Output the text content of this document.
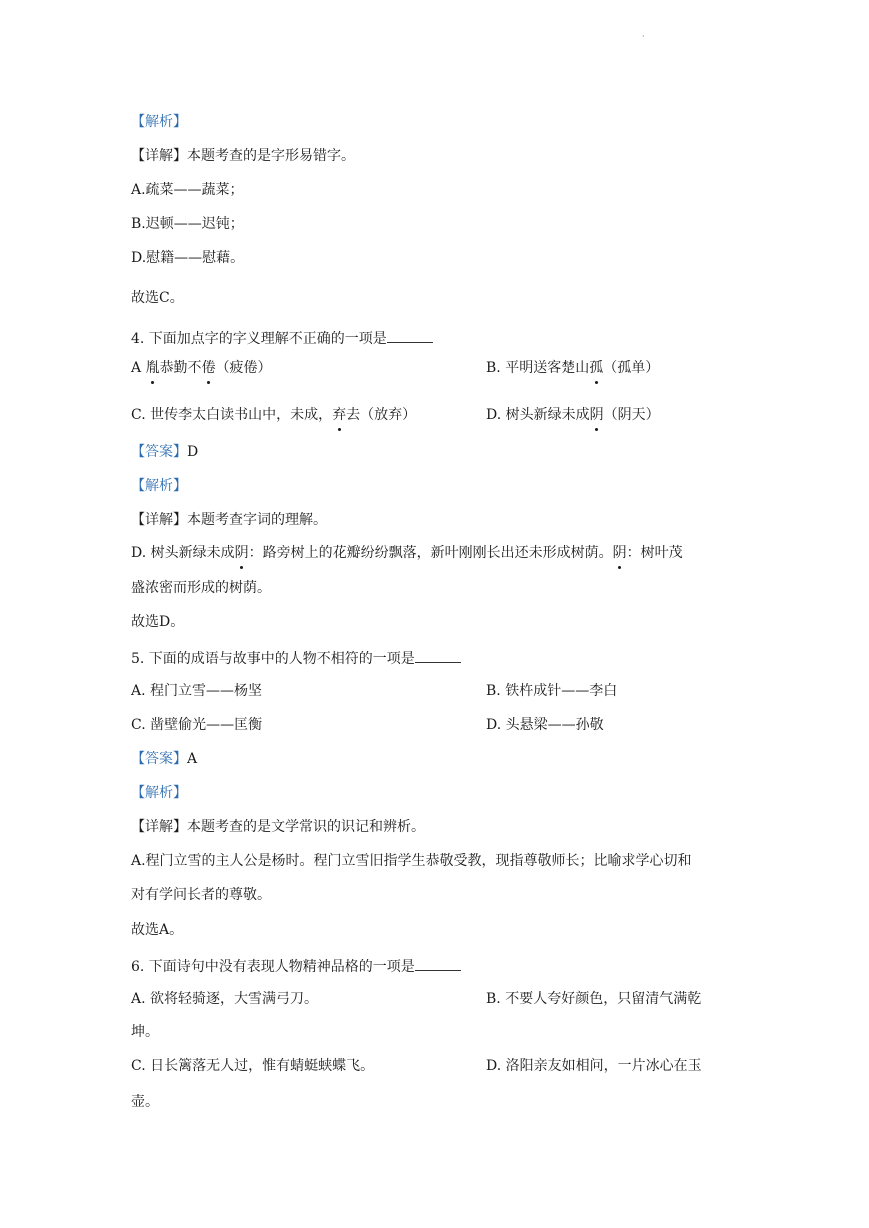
·
【解析】
【详解】本题考查的是字形易错字。
A.疏菜——蔬菜；
B.迟顿——迟钝；
D.慰籍——慰藉。
故选C。
4. 下面加点字的字义理解不正确的一项是
A 胤恭勤不倦（疲倦）	B. 平明送客楚山孤（孤单）
C. 世传李太白读书山中，未成，弃去（放弃）	D. 树头新绿未成阴（阴天）
【答案】D
【解析】
【详解】本题考查字词的理解。
D. 树头新绿未成阴：路旁树上的花瓣纷纷飘落，新叶刚刚长出还未形成树荫。阴：树叶茂
盛浓密而形成的树荫。
故选D。
5. 下面的成语与故事中的人物不相符的一项是
A. 程门立雪——杨坚	B. 铁杵成针——李白
C. 凿壁偷光——匡衡	D. 头悬梁——孙敬
【答案】A
【解析】
【详解】本题考查的是文学常识的识记和辨析。
A.程门立雪的主人公是杨时。程门立雪旧指学生恭敬受教，现指尊敬师长；比喻求学心切和
对有学问长者的尊敬。
故选A。
6. 下面诗句中没有表现人物精神品格的一项是
A. 欲将轻骑逐，大雪满弓刀。	B. 不要人夸好颜色，只留清气满乾
坤。
C. 日长篱落无人过，惟有蜻蜓蛱蝶飞。	D. 洛阳亲友如相问，一片冰心在玉
壶。
